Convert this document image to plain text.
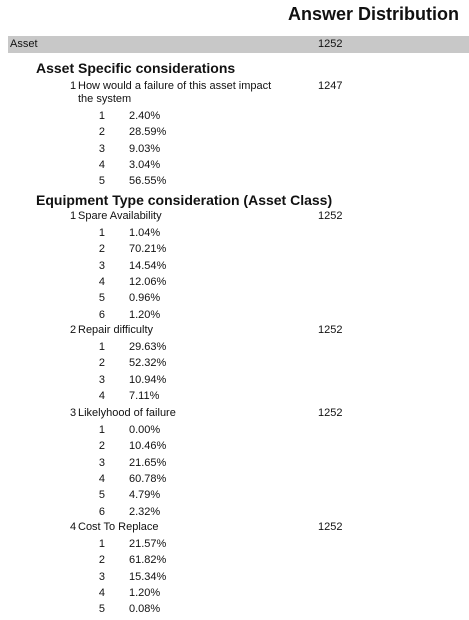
Answer Distribution
Asset	1252
Asset Specific considerations
1 How would a failure of this asset impact	1247
the system
1 2.40%
2 28.59%
3 9.03%
4 3.04%
5 56.55%
Equipment Type consideration (Asset Class)
1 Spare Availability	1252
1 1.04%
2 70.21%
3 14.54%
4 12.06%
5 0.96%
6 1.20%
2 Repair difficulty	1252
1 29.63%
2 52.32%
3 10.94%
4 7.11%
3 Likelyhood of failure	1252
1 0.00%
2 10.46%
3 21.65%
4 60.78%
5 4.79%
6 2.32%
4 Cost To Replace	1252
1 21.57%
2 61.82%
3 15.34%
4 1.20%
5 0.08%
